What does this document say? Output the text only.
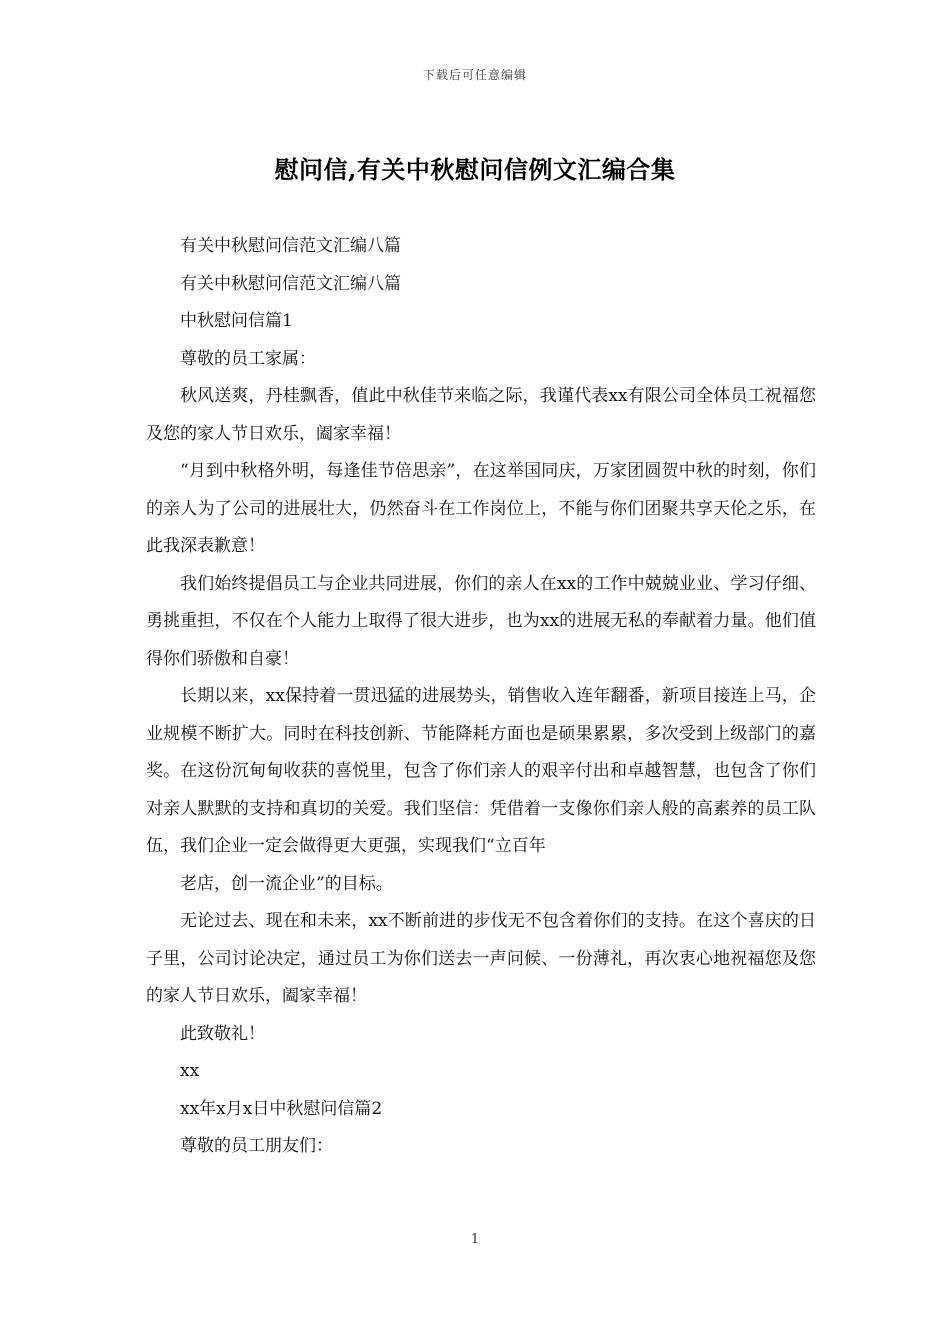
下载后可任意编辑
慰问信,有关中秋慰问信例文汇编合集

有关中秋慰问信范文汇编八篇

有关中秋慰问信范文汇编八篇

中秋慰问信篇1

尊敬的员工家属：

秋风送爽，丹桂飘香，值此中秋佳节来临之际，我谨代表xx有限公司全体员工祝福您及您的家人节日欢乐，阖家幸福！

“月到中秋格外明，每逢佳节倍思亲”，在这举国同庆，万家团圆贺中秋的时刻，你们的亲人为了公司的进展壮大，仍然奋斗在工作岗位上，不能与你们团聚共享天伦之乐，在此我深表歉意！

我们始终提倡员工与企业共同进展，你们的亲人在xx的工作中兢兢业业、学习仔细、勇挑重担，不仅在个人能力上取得了很大进步，也为xx的进展无私的奉献着力量。他们值得你们骄傲和自豪！

长期以来，xx保持着一贯迅猛的进展势头，销售收入连年翻番，新项目接连上马，企业规模不断扩大。同时在科技创新、节能降耗方面也是硕果累累，多次受到上级部门的嘉奖。在这份沉甸甸收获的喜悦里，包含了你们亲人的艰辛付出和卓越智慧，也包含了你们对亲人默默的支持和真切的关爱。我们坚信：凭借着一支像你们亲人般的高素养的员工队伍，我们企业一定会做得更大更强，实现我们“立百年

老店，创一流企业”的目标。

无论过去、现在和未来，xx不断前进的步伐无不包含着你们的支持。在这个喜庆的日子里，公司讨论决定，通过员工为你们送去一声问候、一份薄礼，再次衷心地祝福您及您的家人节日欢乐，阖家幸福！

此致敬礼！

xx

xx年x月x日中秋慰问信篇2

尊敬的员工朋友们：

1
